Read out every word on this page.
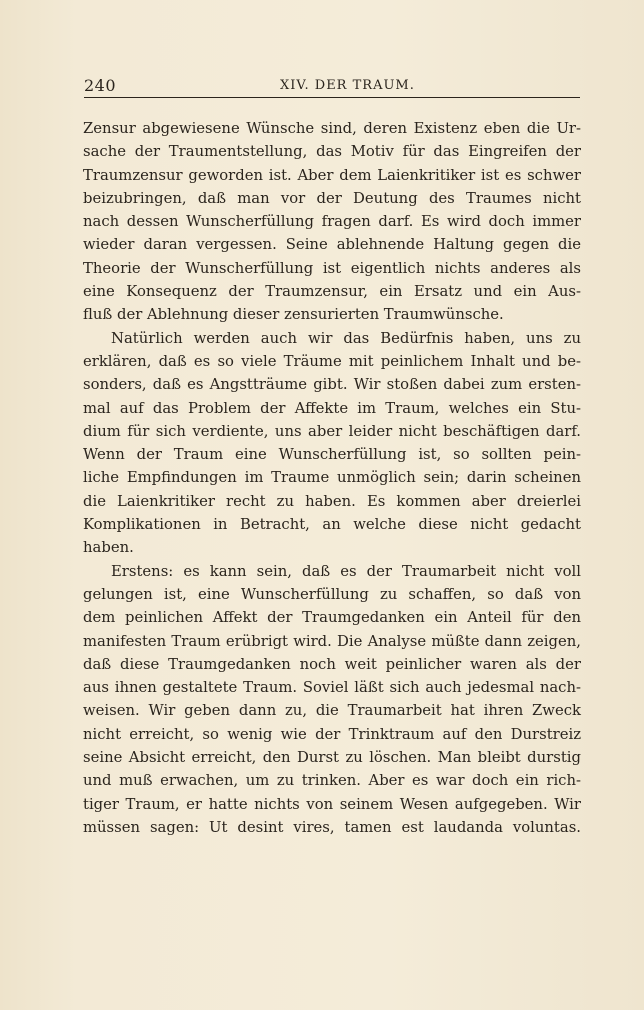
240	XIV. DER TRAUM.
Zensur abgewiesene Wünsche sind, deren Existenz eben die Ur-
sache der Traumentstellung, das Motiv für das Eingreifen der
Traumzensur geworden ist. Aber dem Laienkritiker ist es schwer
beizubringen, daß man vor der Deutung des Traumes nicht
nach dessen Wunscherfüllung fragen darf. Es wird doch immer
wieder daran vergessen. Seine ablehnende Haltung gegen die
Theorie der Wunscherfüllung ist eigentlich nichts anderes als
eine Konsequenz der Traumzensur, ein Ersatz und ein Aus-
fluß der Ablehnung dieser zensurierten Traumwünsche.
Natürlich werden auch wir das Bedürfnis haben, uns zu
erklären, daß es so viele Träume mit peinlichem Inhalt und be-
sonders, daß es Angstträume gibt. Wir stoßen dabei zum ersten-
mal auf das Problem der Affekte im Traum, welches ein Stu-
dium für sich verdiente, uns aber leider nicht beschäftigen darf.
Wenn der Traum eine Wunscherfüllung ist, so sollten pein-
liche Empfindungen im Traume unmöglich sein; darin scheinen
die Laienkritiker recht zu haben. Es kommen aber dreierlei
Komplikationen in Betracht, an welche diese nicht gedacht
haben.
Erstens: es kann sein, daß es der Traumarbeit nicht voll
gelungen ist, eine Wunscherfüllung zu schaffen, so daß von
dem peinlichen Affekt der Traumgedanken ein Anteil für den
manifesten Traum erübrigt wird. Die Analyse müßte dann zeigen,
daß diese Traumgedanken noch weit peinlicher waren als der
aus ihnen gestaltete Traum. Soviel läßt sich auch jedesmal nach-
weisen. Wir geben dann zu, die Traumarbeit hat ihren Zweck
nicht erreicht, so wenig wie der Trinktraum auf den Durstreiz
seine Absicht erreicht, den Durst zu löschen. Man bleibt durstig
und muß erwachen, um zu trinken. Aber es war doch ein rich-
tiger Traum, er hatte nichts von seinem Wesen aufgegeben. Wir
müssen sagen: Ut desint vires, tamen est laudanda voluntas.
